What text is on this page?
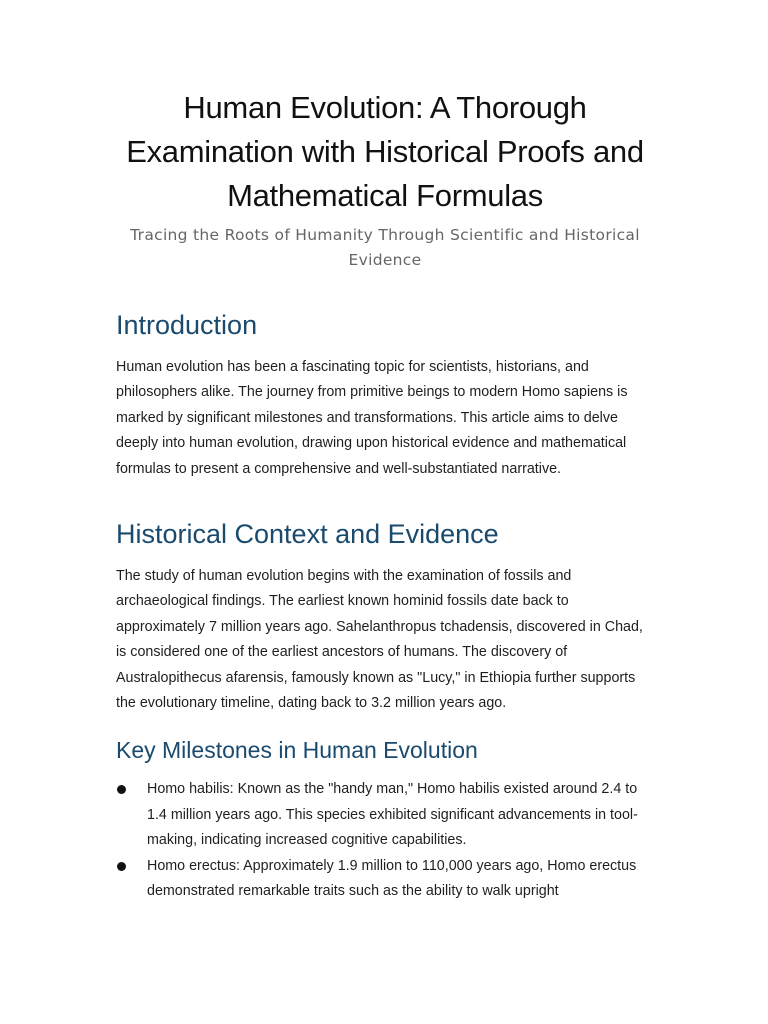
Human Evolution: A Thorough Examination with Historical Proofs and Mathematical Formulas
Tracing the Roots of Humanity Through Scientific and Historical Evidence
Introduction

Human evolution has been a fascinating topic for scientists, historians, and philosophers alike. The journey from primitive beings to modern Homo sapiens is marked by significant milestones and transformations. This article aims to delve deeply into human evolution, drawing upon historical evidence and mathematical formulas to present a comprehensive and well-substantiated narrative.

Historical Context and Evidence

The study of human evolution begins with the examination of fossils and archaeological findings. The earliest known hominid fossils date back to approximately 7 million years ago. Sahelanthropus tchadensis, discovered in Chad, is considered one of the earliest ancestors of humans. The discovery of Australopithecus afarensis, famously known as "Lucy," in Ethiopia further supports the evolutionary timeline, dating back to 3.2 million years ago.

Key Milestones in Human Evolution
Homo habilis: Known as the "handy man," Homo habilis existed around 2.4 to 1.4 million years ago. This species exhibited significant advancements in tool-making, indicating increased cognitive capabilities.
Homo erectus: Approximately 1.9 million to 110,000 years ago, Homo erectus demonstrated remarkable traits such as the ability to walk upright
